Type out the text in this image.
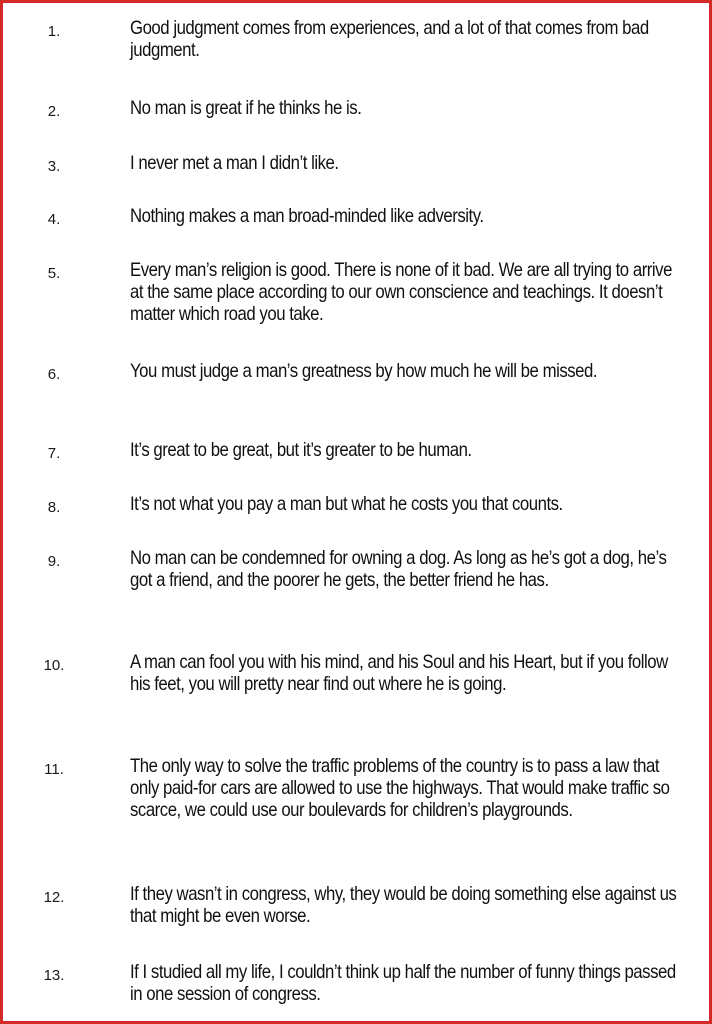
1.	Good judgment comes from experiences, and a lot of that comes from bad judgment.

2.	No man is great if he thinks he is.

3.	I never met a man I didn’t like.

4.	Nothing makes a man broad-minded like adversity.

5.	Every man’s religion is good. There is none of it bad. We are all trying to arrive at the same place according to our own conscience and teachings. It doesn’t matter which road you take.

6.	You must judge a man’s greatness by how much he will be missed.

7.	It’s great to be great, but it’s greater to be human.

8.	It’s not what you pay a man but what he costs you that counts.

9.	No man can be condemned for owning a dog. As long as he’s got a dog, he’s got a friend, and the poorer he gets, the better friend he has.

10.	A man can fool you with his mind, and his Soul and his Heart, but if you follow his feet, you will pretty near find out where he is going.

11.	The only way to solve the traffic problems of the country is to pass a law that only paid-for cars are allowed to use the highways. That would make traffic so scarce, we could use our boulevards for children’s playgrounds.

12.	If they wasn’t in congress, why, they would be doing something else against us that might be even worse.

13.	If I studied all my life, I couldn’t think up half the number of funny things passed in one session of congress.
